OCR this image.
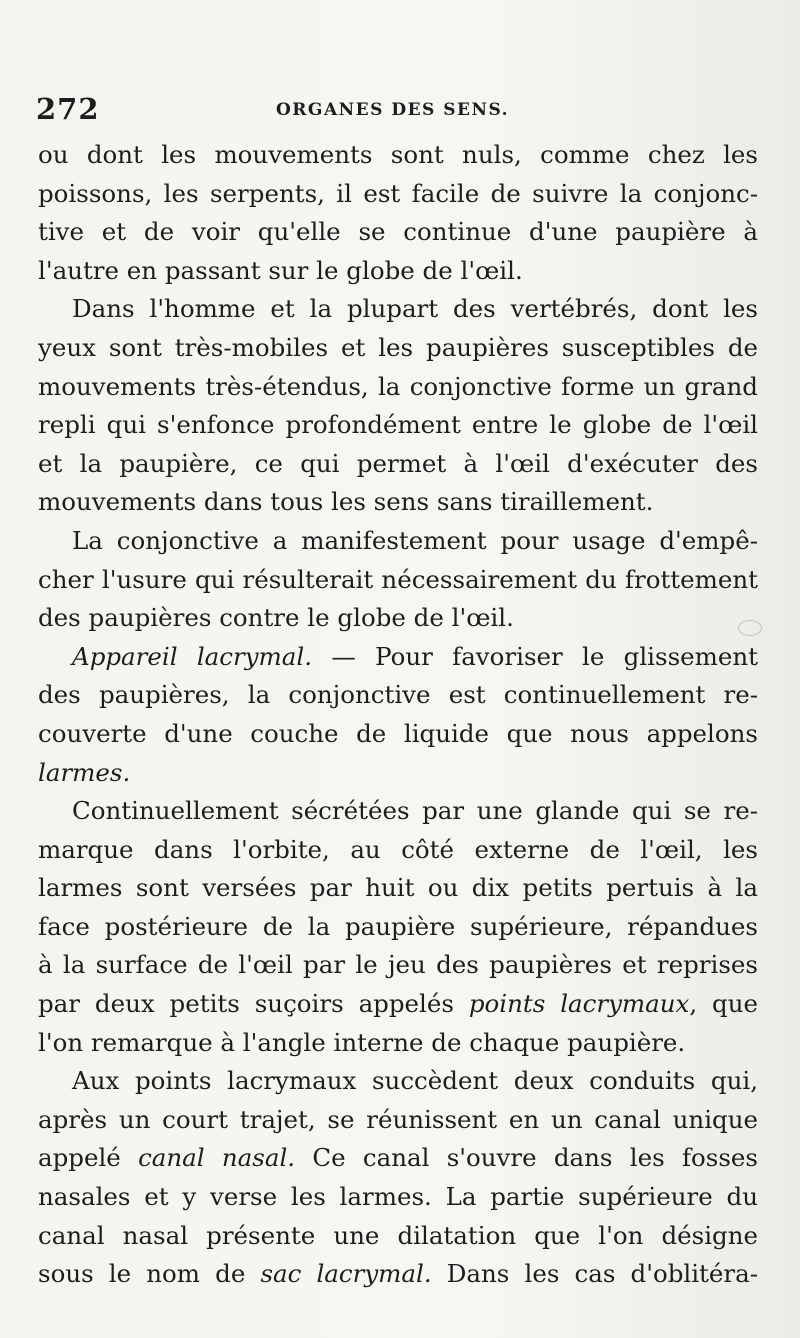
272	ORGANES DES SENS.
ou dont les mouvements sont nuls, comme chez les
poissons, les serpents, il est facile de suivre la conjonc-
tive et de voir qu'elle se continue d'une paupière à
l'autre en passant sur le globe de l'œil.
Dans l'homme et la plupart des vertébrés, dont les
yeux sont très-mobiles et les paupières susceptibles de
mouvements très-étendus, la conjonctive forme un grand
repli qui s'enfonce profondément entre le globe de l'œil
et la paupière, ce qui permet à l'œil d'exécuter des
mouvements dans tous les sens sans tiraillement.
La conjonctive a manifestement pour usage d'empê-
cher l'usure qui résulterait nécessairement du frottement
des paupières contre le globe de l'œil.
Appareil lacrymal. — Pour favoriser le glissement
des paupières, la conjonctive est continuellement re-
couverte d'une couche de liquide que nous appelons
larmes.
Continuellement sécrétées par une glande qui se re-
marque dans l'orbite, au côté externe de l'œil, les
larmes sont versées par huit ou dix petits pertuis à la
face postérieure de la paupière supérieure, répandues
à la surface de l'œil par le jeu des paupières et reprises
par deux petits suçoirs appelés points lacrymaux, que
l'on remarque à l'angle interne de chaque paupière.
Aux points lacrymaux succèdent deux conduits qui,
après un court trajet, se réunissent en un canal unique
appelé canal nasal. Ce canal s'ouvre dans les fosses
nasales et y verse les larmes. La partie supérieure du
canal nasal présente une dilatation que l'on désigne
sous le nom de sac lacrymal. Dans les cas d'oblitéra-
